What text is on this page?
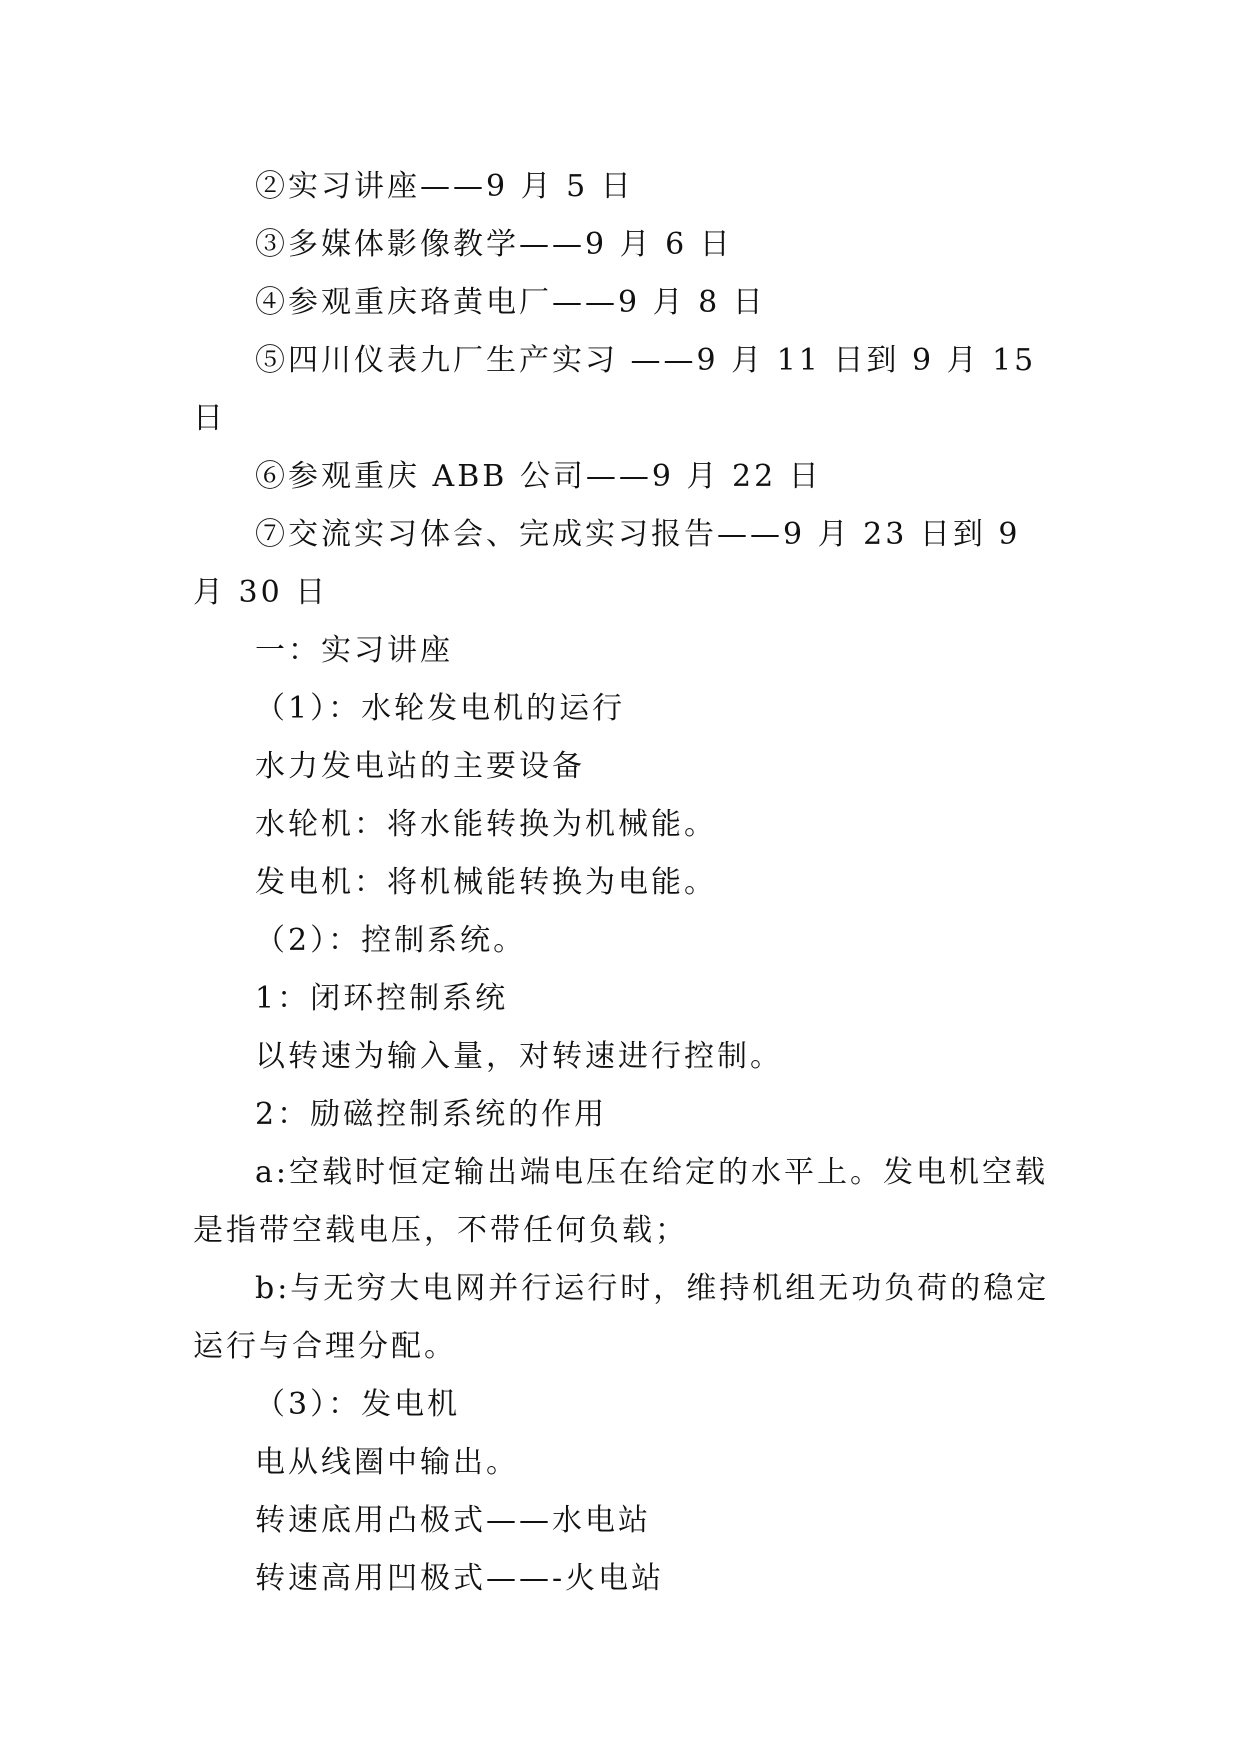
②实习讲座——9 月 5 日

③多媒体影像教学——9 月 6 日

④参观重庆珞黄电厂——9 月 8 日

⑤四川仪表九厂生产实习 ——9 月 11 日到 9 月 15 日

⑥参观重庆 ABB 公司——9 月 22 日

⑦交流实习体会、完成实习报告——9 月 23 日到 9 月 30 日

一：实习讲座

（1）：水轮发电机的运行

水力发电站的主要设备

水轮机：将水能转换为机械能。

发电机：将机械能转换为电能。

（2）：控制系统。

1：闭环控制系统

以转速为输入量，对转速进行控制。

2：励磁控制系统的作用

a:空载时恒定输出端电压在给定的水平上。发电机空载是指带空载电压，不带任何负载；

b:与无穷大电网并行运行时，维持机组无功负荷的稳定运行与合理分配。

（3）：发电机

电从线圈中输出。

转速底用凸极式——水电站

转速高用凹极式——-火电站
